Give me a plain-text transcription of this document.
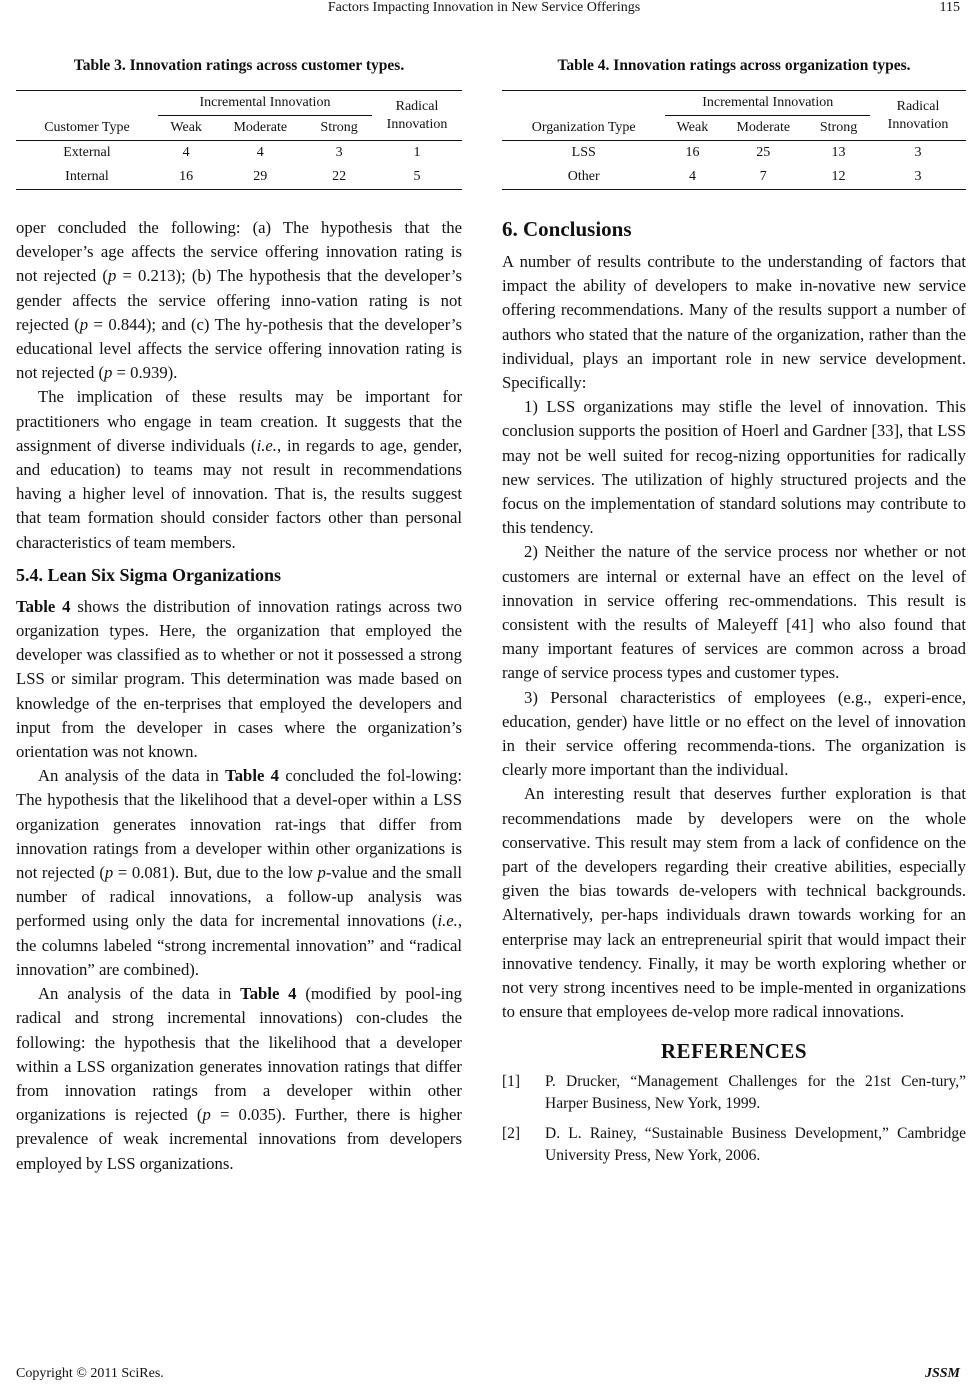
Factors Impacting Innovation in New Service Offerings	115
Table 3. Innovation ratings across customer types.
	Incremental Innovation			Radical Innovation
Customer Type	Weak	Moderate	Strong	
External	4	4	3	1
Internal	16	29	22	5

oper concluded the following: (a) The hypothesis that the developer’s age affects the service offering innovation rating is not rejected (p = 0.213); (b) The hypothesis that the developer’s gender affects the service offering inno-vation rating is not rejected (p = 0.844); and (c) The hy-pothesis that the developer’s educational level affects the service offering innovation rating is not rejected (p = 0.939).

The implication of these results may be important for practitioners who engage in team creation. It suggests that the assignment of diverse individuals (i.e., in regards to age, gender, and education) to teams may not result in recommendations having a higher level of innovation. That is, the results suggest that team formation should consider factors other than personal characteristics of team members.

5.4. Lean Six Sigma Organizations

Table 4 shows the distribution of innovation ratings across two organization types. Here, the organization that employed the developer was classified as to whether or not it possessed a strong LSS or similar program. This determination was made based on knowledge of the en-terprises that employed the developers and input from the developer in cases where the organization’s orientation was not known.

An analysis of the data in Table 4 concluded the fol-lowing: The hypothesis that the likelihood that a devel-oper within a LSS organization generates innovation rat-ings that differ from innovation ratings from a developer within other organizations is not rejected (p = 0.081). But, due to the low p-value and the small number of radical innovations, a follow-up analysis was performed using only the data for incremental innovations (i.e., the columns labeled “strong incremental innovation” and “radical innovation” are combined).

An analysis of the data in Table 4 (modified by pool-ing radical and strong incremental innovations) con-cludes the following: the hypothesis that the likelihood that a developer within a LSS organization generates innovation ratings that differ from innovation ratings from a developer within other organizations is rejected (p = 0.035). Further, there is higher prevalence of weak incremental innovations from developers employed by LSS organizations.

Table 4. Innovation ratings across organization types.
	Incremental Innovation			Radical Innovation
Organization Type	Weak	Moderate	Strong	
LSS	16	25	13	3
Other	4	7	12	3
6. Conclusions

A number of results contribute to the understanding of factors that impact the ability of developers to make in-novative new service offering recommendations. Many of the results support a number of authors who stated that the nature of the organization, rather than the individual, plays an important role in new service development. Specifically:

1) LSS organizations may stifle the level of innovation. This conclusion supports the position of Hoerl and Gardner [33], that LSS may not be well suited for recog-nizing opportunities for radically new services. The utilization of highly structured projects and the focus on the implementation of standard solutions may contribute to this tendency.

2) Neither the nature of the service process nor whether or not customers are internal or external have an effect on the level of innovation in service offering rec-ommendations. This result is consistent with the results of Maleyeff [41] who also found that many important features of services are common across a broad range of service process types and customer types.

3) Personal characteristics of employees (e.g., experi-ence, education, gender) have little or no effect on the level of innovation in their service offering recommenda-tions. The organization is clearly more important than the individual.

An interesting result that deserves further exploration is that recommendations made by developers were on the whole conservative. This result may stem from a lack of confidence on the part of the developers regarding their creative abilities, especially given the bias towards de-velopers with technical backgrounds. Alternatively, per-haps individuals drawn towards working for an enterprise may lack an entrepreneurial spirit that would impact their innovative tendency. Finally, it may be worth exploring whether or not very strong incentives need to be imple-mented in organizations to ensure that employees de-velop more radical innovations.

REFERENCES
[1]	P. Drucker, “Management Challenges for the 21st Cen-tury,” Harper Business, New York, 1999.
[2]	D. L. Rainey, “Sustainable Business Development,” Cambridge University Press, New York, 2006.
Copyright © 2011 SciRes.	JSSM
